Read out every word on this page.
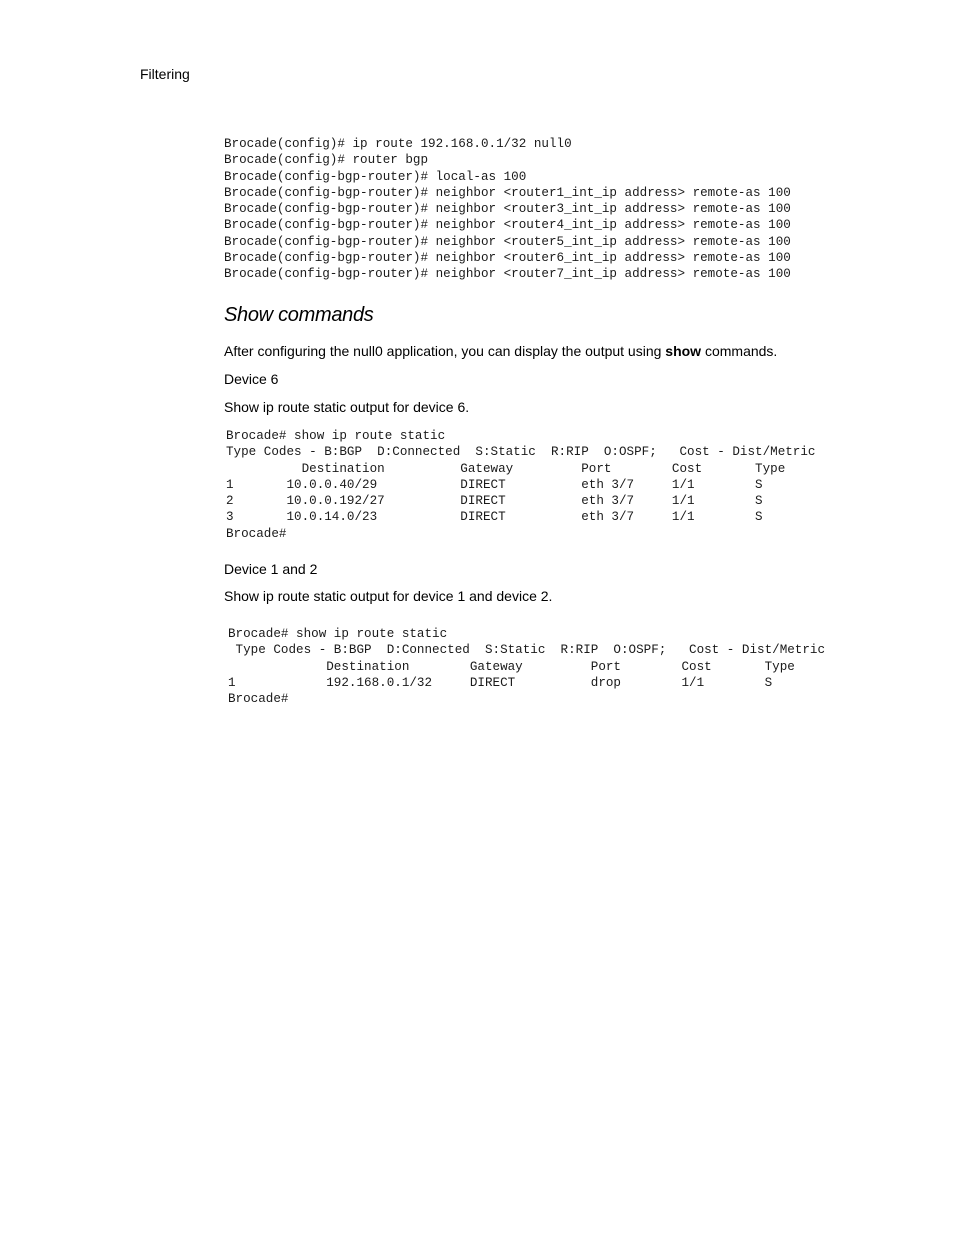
Filtering
Brocade(config)# ip route 192.168.0.1/32 null0
Brocade(config)# router bgp
Brocade(config-bgp-router)# local-as 100
Brocade(config-bgp-router)# neighbor <router1_int_ip address> remote-as 100
Brocade(config-bgp-router)# neighbor <router3_int_ip address> remote-as 100
Brocade(config-bgp-router)# neighbor <router4_int_ip address> remote-as 100
Brocade(config-bgp-router)# neighbor <router5_int_ip address> remote-as 100
Brocade(config-bgp-router)# neighbor <router6_int_ip address> remote-as 100
Brocade(config-bgp-router)# neighbor <router7_int_ip address> remote-as 100
Show commands

After configuring the null0 application, you can display the output using show commands.

Device 6

Show ip route static output for device 6.

Brocade# show ip route static
Type Codes - B:BGP  D:Connected  S:Static  R:RIP  O:OSPF;   Cost - Dist/Metric
Destination          Gateway         Port        Cost       Type
1       10.0.0.40/29           DIRECT          eth 3/7     1/1        S
2       10.0.0.192/27          DIRECT          eth 3/7     1/1        S
3       10.0.14.0/23           DIRECT          eth 3/7     1/1        S
Brocade#

Device 1 and 2

Show ip route static output for device 1 and device 2.

Brocade# show ip route static
Type Codes - B:BGP  D:Connected  S:Static  R:RIP  O:OSPF;   Cost - Dist/Metric
Destination        Gateway         Port        Cost       Type
1            192.168.0.1/32     DIRECT          drop        1/1        S
Brocade#
